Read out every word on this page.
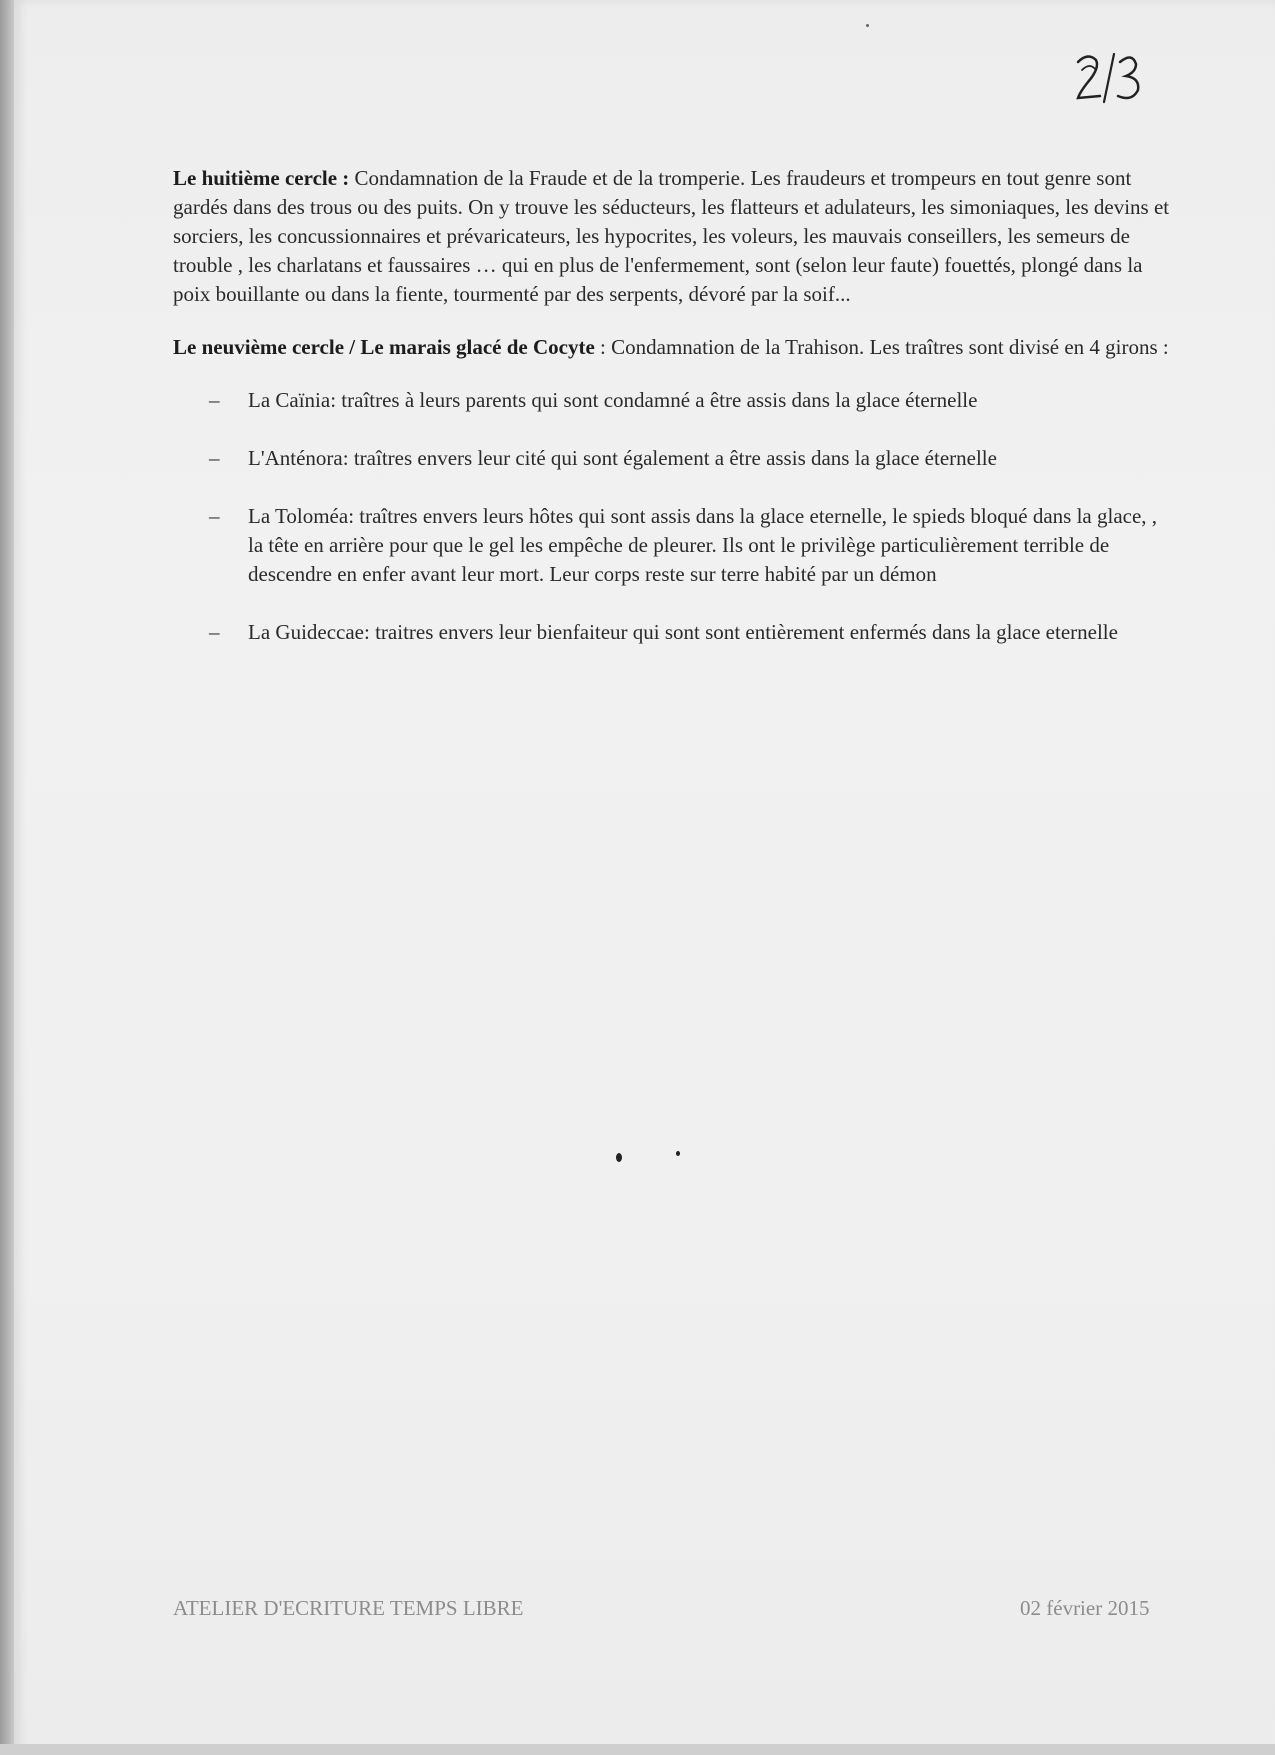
Le huitième cercle : Condamnation de la Fraude et de la tromperie. Les fraudeurs et trompeurs en tout genre sont gardés dans des trous ou des puits. On y trouve les séducteurs, les flatteurs et adulateurs, les simoniaques, les devins et sorciers, les concussionnaires et prévaricateurs, les hypocrites, les voleurs, les mauvais conseillers, les semeurs de trouble , les charlatans et faussaires … qui en plus de l'enfermement, sont (selon leur faute) fouettés, plongé dans la poix bouillante ou dans la fiente, tourmenté par des serpents, dévoré par la soif...

Le neuvième cercle / Le marais glacé de Cocyte : Condamnation de la Trahison. Les traîtres sont divisé en 4 girons :

– La Caïnia: traîtres à leurs parents qui sont condamné a être assis dans la glace éternelle
– L'Anténora: traîtres envers leur cité qui sont également a être assis dans la glace éternelle
– La Toloméa: traîtres envers leurs hôtes qui sont assis dans la glace eternelle, le spieds bloqué dans la glace, , la tête en arrière pour que le gel les empêche de pleurer. Ils ont le privilège particulièrement terrible de descendre en enfer avant leur mort. Leur corps reste sur terre habité par un démon
– La Guideccae: traitres envers leur bienfaiteur qui sont sont entièrement enfermés dans la glace eternelle
ATELIER D'ECRITURE TEMPS LIBRE	02 février 2015
